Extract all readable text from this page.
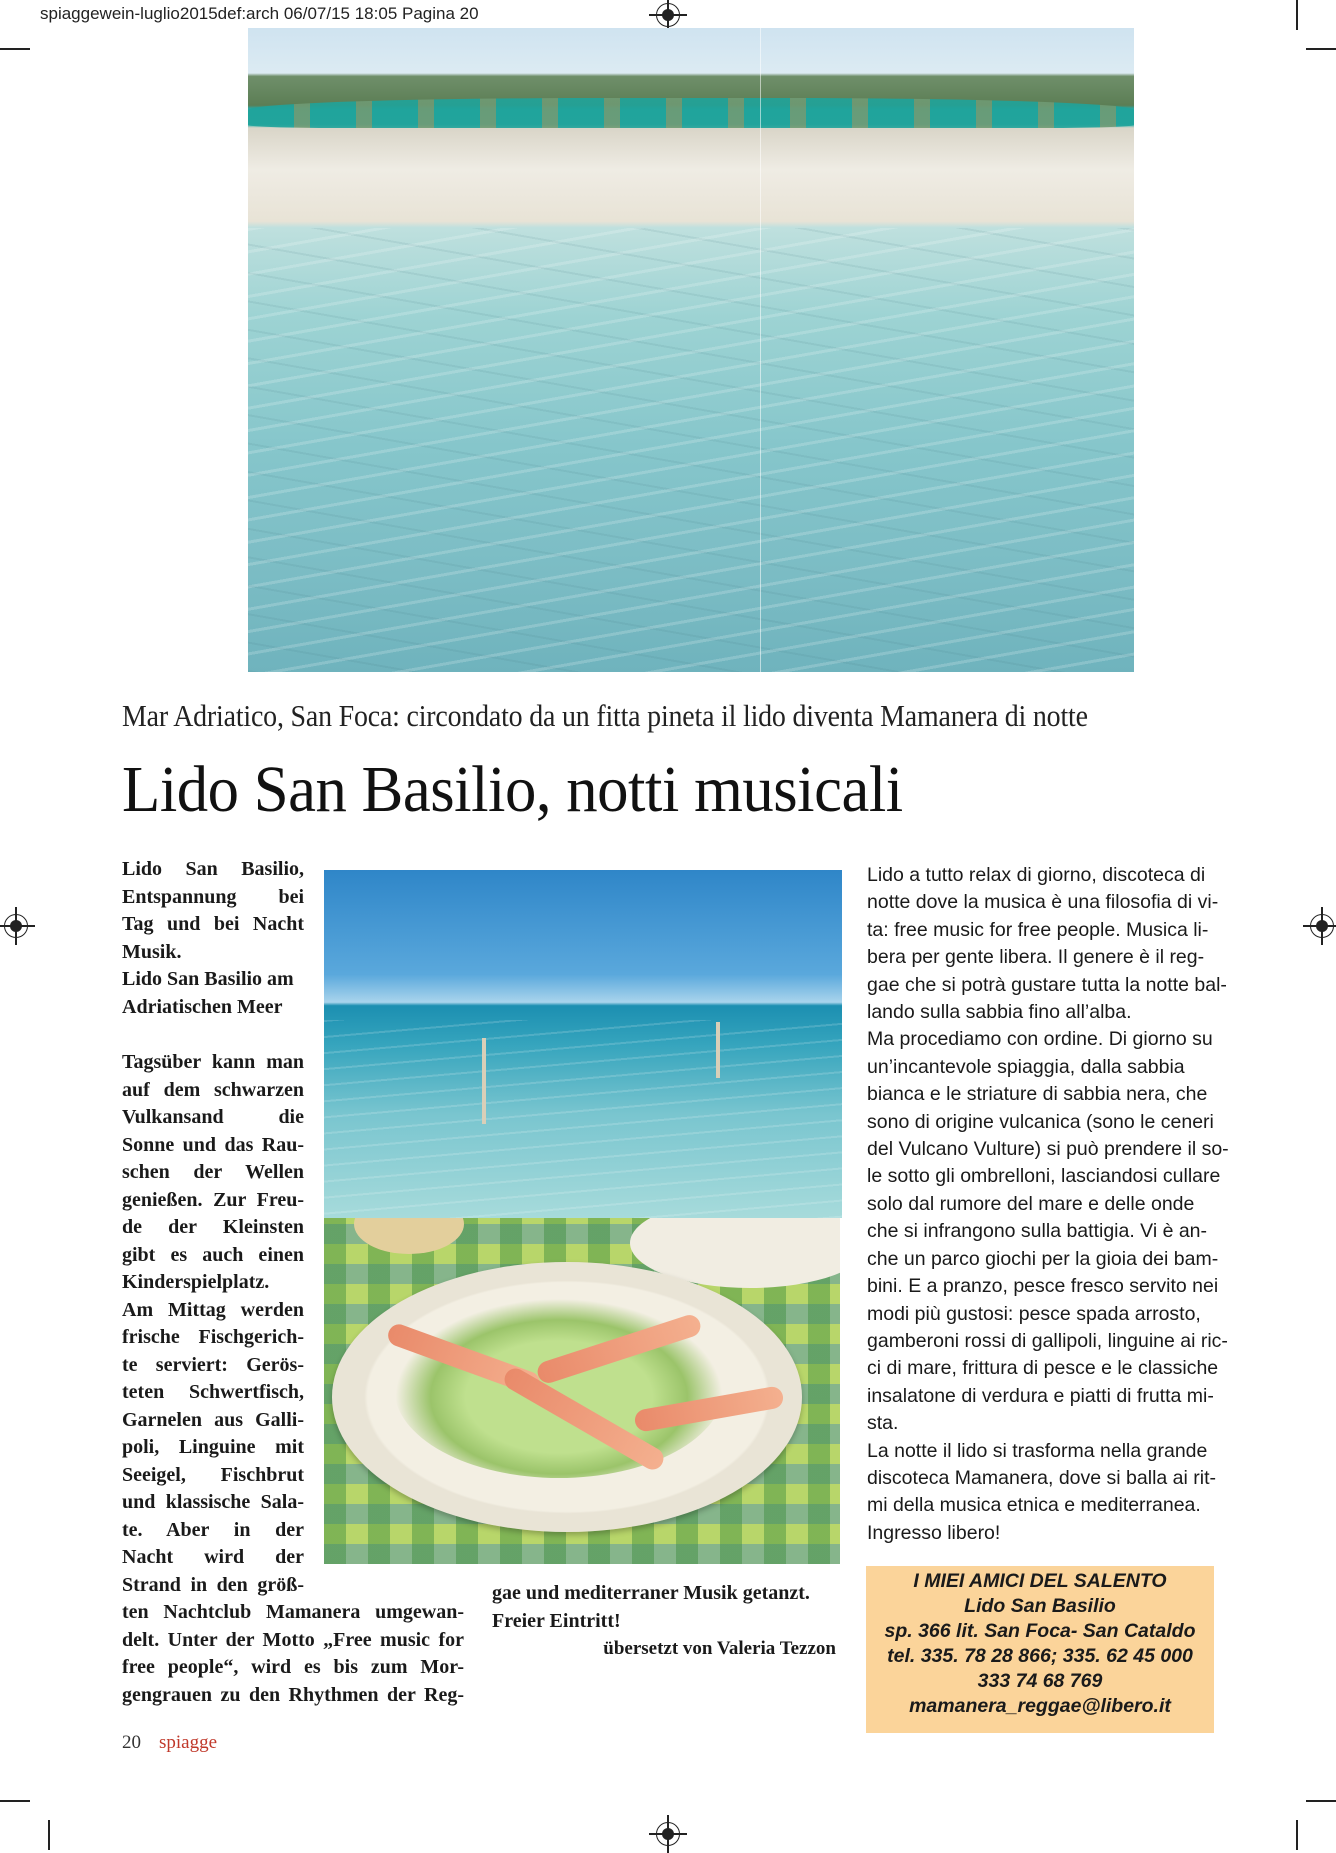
spiaggewein-luglio2015def:arch 06/07/15 18:05 Pagina 20
Mar Adriatico, San Foca: circondato da un fitta pineta il lido diventa Mamanera di notte
Lido San Basilio, notti musicali
Lido San Basilio,
Entspannung bei
Tag und bei Nacht
Musik.
Lido San Basilio am
Adriatischen Meer
Tagsüber kann man
auf dem schwarzen
Vulkansand die
Sonne und das Rau-
schen der Wellen
genießen. Zur Freu-
de der Kleinsten
gibt es auch einen
Kinderspielplatz.
Am Mittag werden
frische Fischgerich-
te serviert: Gerös-
teten Schwertfisch,
Garnelen aus Galli-
poli, Linguine mit
Seeigel, Fischbrut
und klassische Sala-
te. Aber in der
Nacht wird der
Strand in den größ-
ten Nachtclub Mamanera umgewan-
delt. Unter der Motto „Free music for
free people“, wird es bis zum Mor-
gengrauen zu den Rhythmen der Reg-
gae und mediterraner Musik getanzt.
Freier Eintritt!
übersetzt von Valeria Tezzon
Lido a tutto relax di giorno, discoteca di
notte dove la musica è una filosofia di vi-
ta: free music for free people. Musica li-
bera per gente libera. Il genere è il reg-
gae che si potrà gustare tutta la notte bal-
lando sulla sabbia fino all’alba.
Ma procediamo con ordine. Di giorno su
un’incantevole spiaggia, dalla sabbia
bianca e le striature di sabbia nera, che
sono di origine vulcanica (sono le ceneri
del Vulcano Vulture) si può prendere il so-
le sotto gli ombrelloni, lasciandosi cullare
solo dal rumore del mare e delle onde
che si infrangono sulla battigia. Vi è an-
che un parco giochi per la gioia dei bam-
bini. E a pranzo, pesce fresco servito nei
modi più gustosi: pesce spada arrosto,
gamberoni rossi di gallipoli, linguine ai ric-
ci di mare, frittura di pesce e le classiche
insalatone di verdura e piatti di frutta mi-
sta.
La notte il lido si trasforma nella grande
discoteca Mamanera, dove si balla ai rit-
mi della musica etnica e mediterranea.
Ingresso libero!
I MIEI AMICI DEL SALENTO
Lido San Basilio
sp. 366 lit. San Foca- San Cataldo
tel. 335. 78 28 866; 335. 62 45 000
333 74 68 769
mamanera_reggae@libero.it
20 spiagge
